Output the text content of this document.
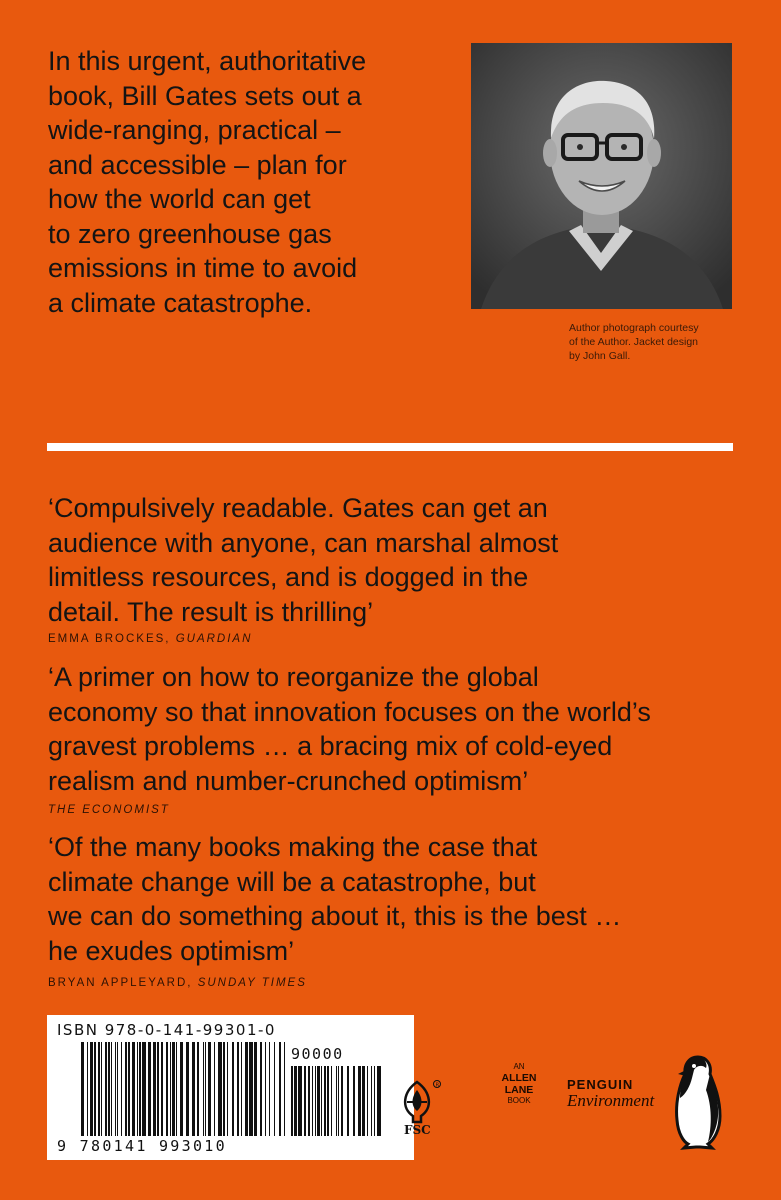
In this urgent, authoritative
book, Bill Gates sets out a
wide-ranging, practical –
and accessible – plan for
how the world can get
to zero greenhouse gas
emissions in time to avoid
a climate catastrophe.

Author photograph courtesy
of the Author. Jacket design
by John Gall.
‘Compulsively readable. Gates can get an
audience with anyone, can marshal almost
limitless resources, and is dogged in the
detail. The result is thrilling’
EMMA BROCKES, GUARDIAN
‘A primer on how to reorganize the global
economy so that innovation focuses on the world’s
gravest problems … a bracing mix of cold-eyed
realism and number-crunched optimism’
THE ECONOMIST
‘Of the many books making the case that
climate change will be a catastrophe, but
we can do something about it, this is the best …
he exudes optimism’
BRYAN APPLEYARD, SUNDAY TIMES
ISBN 978-0-141-99301-0
90000
R
FSC
9 780141 993010
AN
ALLEN
LANE
BOOK
PENGUIN
Environment
